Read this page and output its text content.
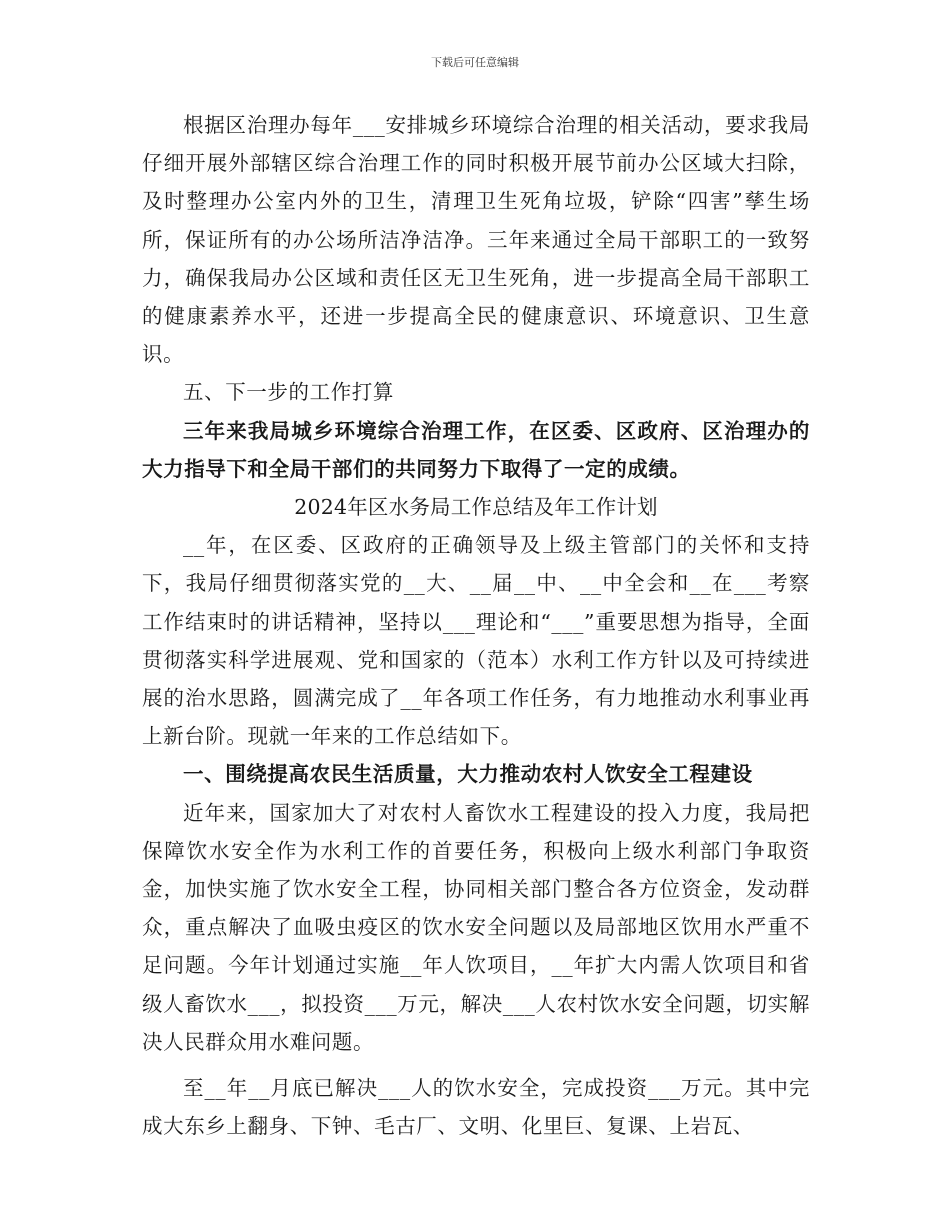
下载后可任意编辑

根据区治理办每年___安排城乡环境综合治理的相关活动，要求我局仔细开展外部辖区综合治理工作的同时积极开展节前办公区域大扫除，及时整理办公室内外的卫生，清理卫生死角垃圾，铲除“四害”孳生场所，保证所有的办公场所洁净洁净。三年来通过全局干部职工的一致努力，确保我局办公区域和责任区无卫生死角，进一步提高全局干部职工的健康素养水平，还进一步提高全民的健康意识、环境意识、卫生意识。

五、下一步的工作打算

三年来我局城乡环境综合治理工作，在区委、区政府、区治理办的大力指导下和全局干部们的共同努力下取得了一定的成绩。

2024年区水务局工作总结及年工作计划

__年，在区委、区政府的正确领导及上级主管部门的关怀和支持下，我局仔细贯彻落实党的__大、__届__中、__中全会和__在___考察工作结束时的讲话精神，坚持以___理论和“___”重要思想为指导，全面贯彻落实科学进展观、党和国家的（范本）水利工作方针以及可持续进展的治水思路，圆满完成了__年各项工作任务，有力地推动水利事业再上新台阶。现就一年来的工作总结如下。

一、围绕提高农民生活质量，大力推动农村人饮安全工程建设

近年来，国家加大了对农村人畜饮水工程建设的投入力度，我局把保障饮水安全作为水利工作的首要任务，积极向上级水利部门争取资金，加快实施了饮水安全工程，协同相关部门整合各方位资金，发动群众，重点解决了血吸虫疫区的饮水安全问题以及局部地区饮用水严重不足问题。今年计划通过实施__年人饮项目，__年扩大内需人饮项目和省级人畜饮水___，拟投资___万元，解决___人农村饮水安全问题，切实解决人民群众用水难问题。

至__年__月底已解决___人的饮水安全，完成投资___万元。其中完成大东乡上翻身、下钟、毛古厂、文明、化里巨、复课、上岩瓦、
